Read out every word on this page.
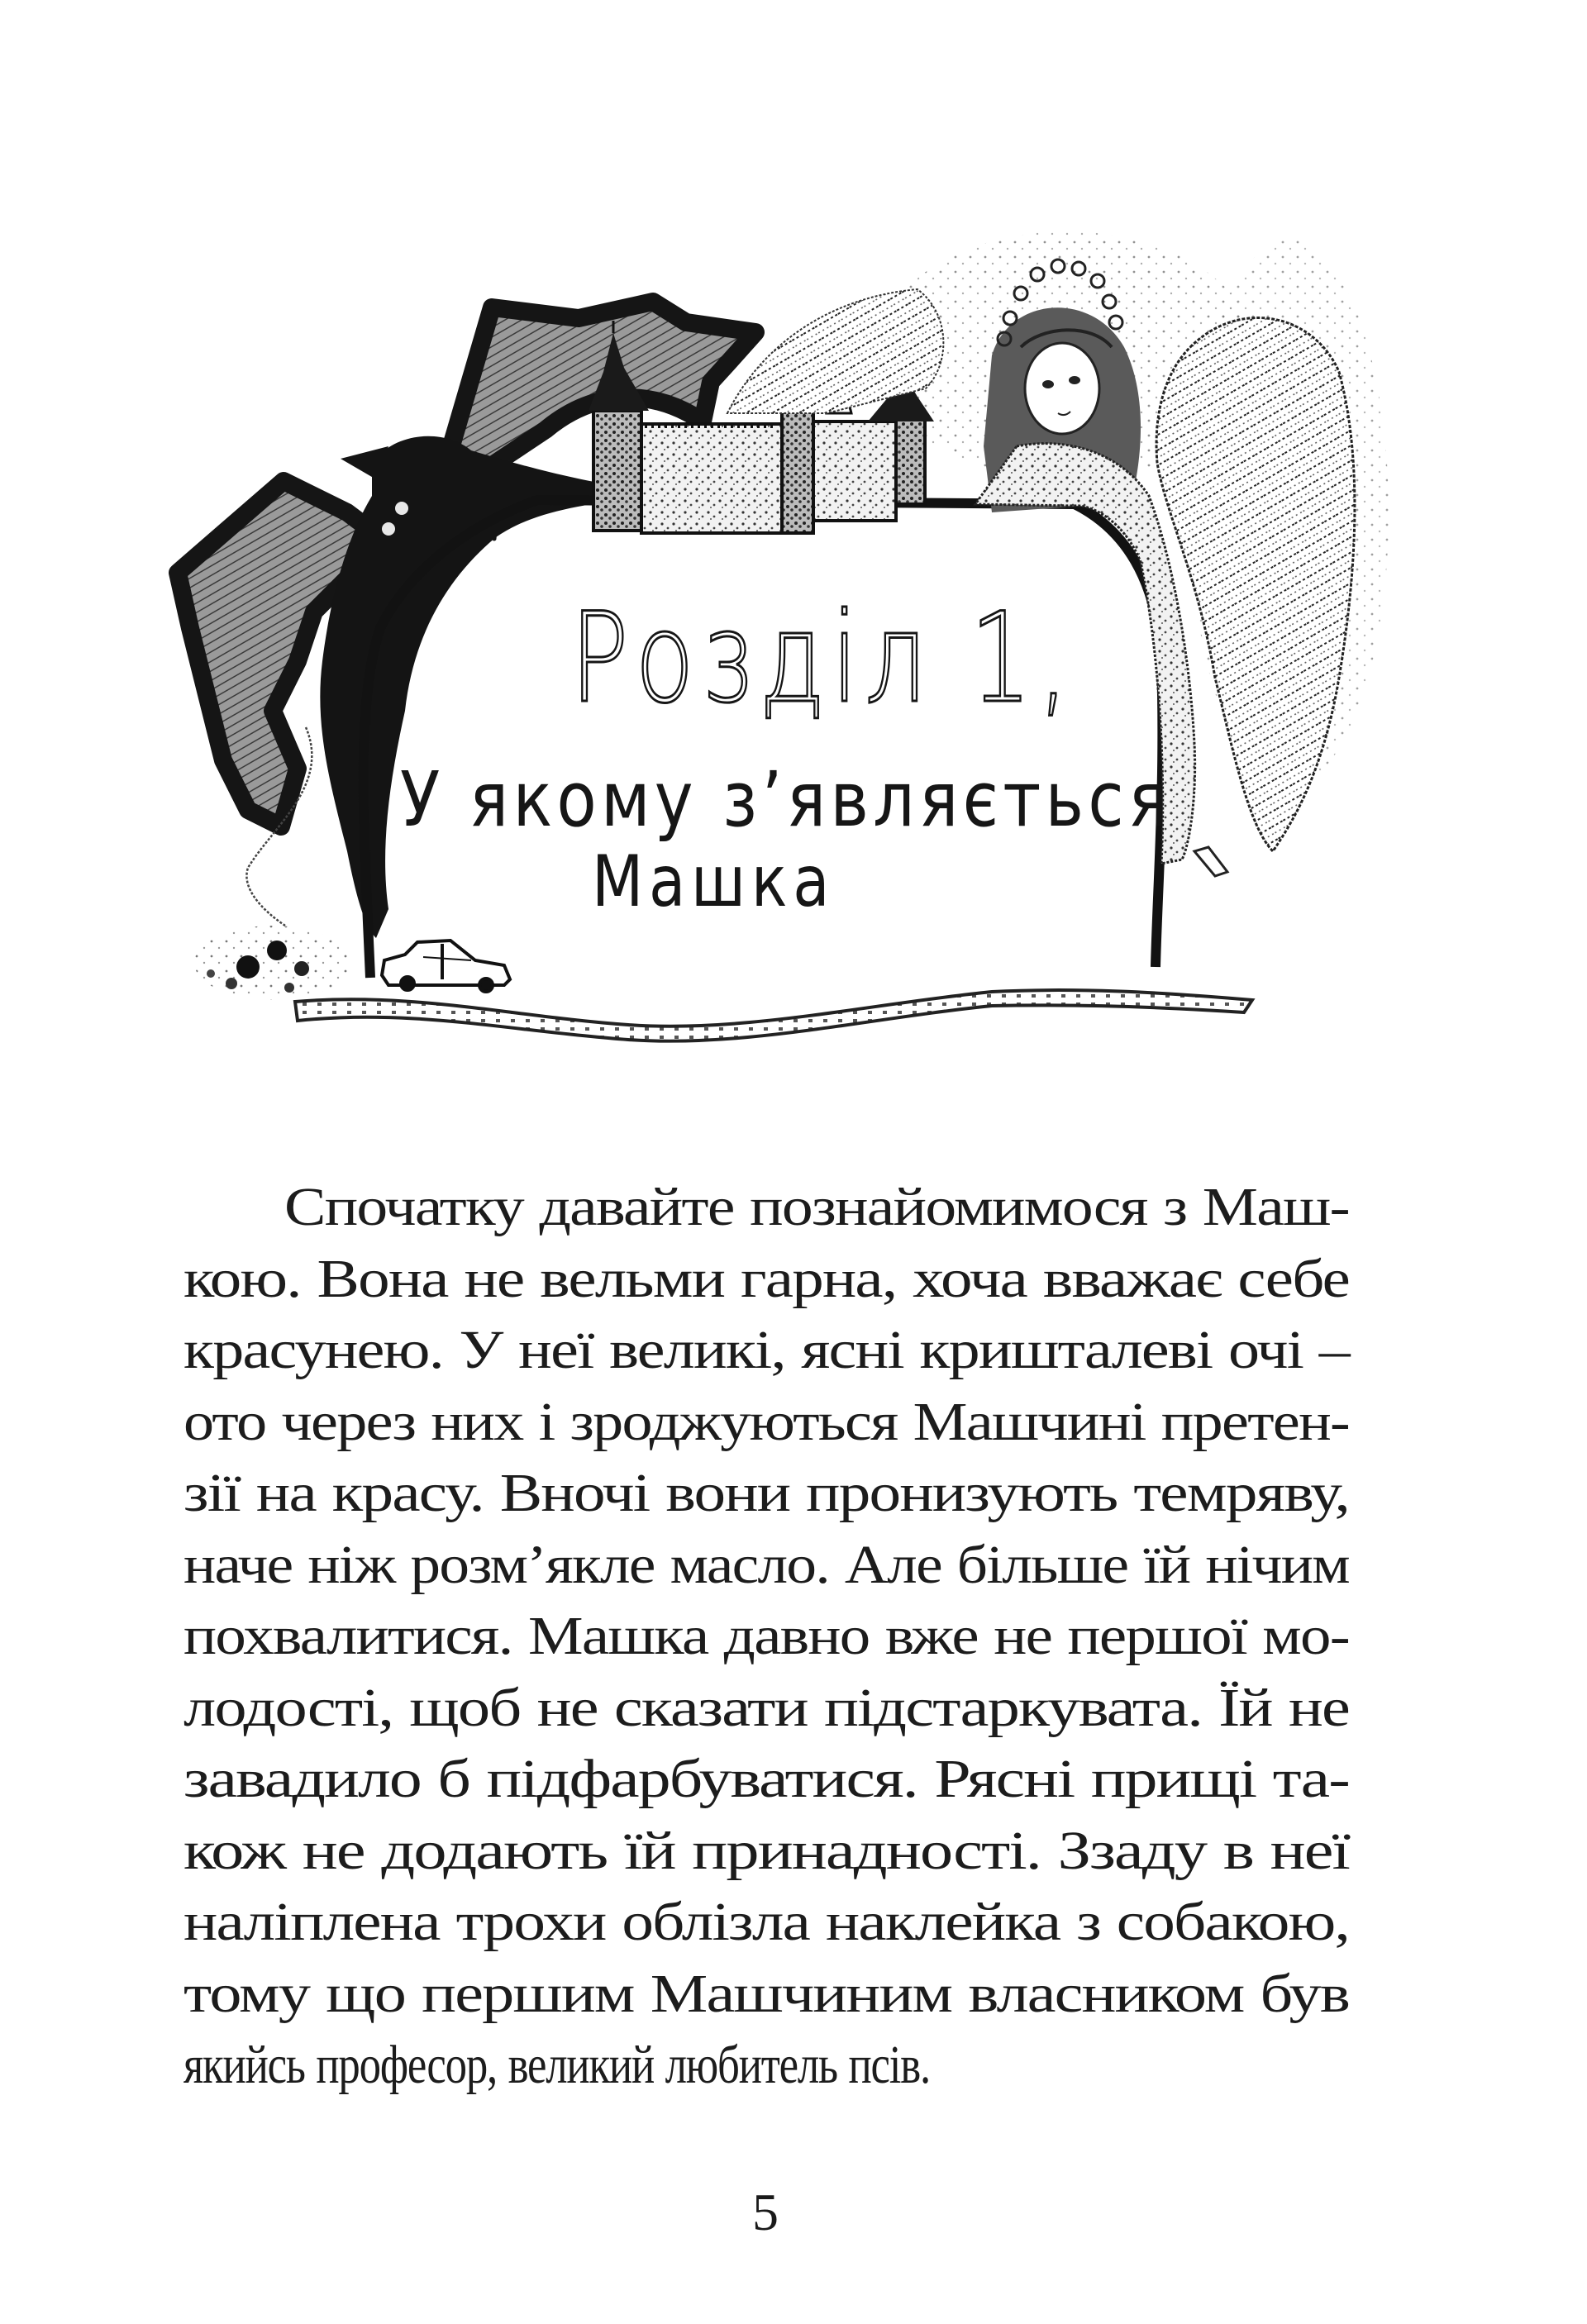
Розділ 1,
У якому з’являється
Машка
Спочатку давайте познайомимося з Маш-
кою. Вона не вельми гарна, хоча вважає себе
красунею. У неї великі, ясні кришталеві очі –
ото через них і зроджуються Машчині претен-
зії на красу. Вночі вони пронизують темряву,
наче ніж розм’якле масло. Але більше їй нічим
похвалитися. Машка давно вже не першої мо-
лодості, щоб не сказати підстаркувата. Їй не
завадило б підфарбуватися. Рясні прищі та-
кож не додають їй принадності. Ззаду в неї
наліплена трохи облізла наклейка з собакою,
тому що першим Машчиним власником був
якийсь професор, великий любитель псів.
5
